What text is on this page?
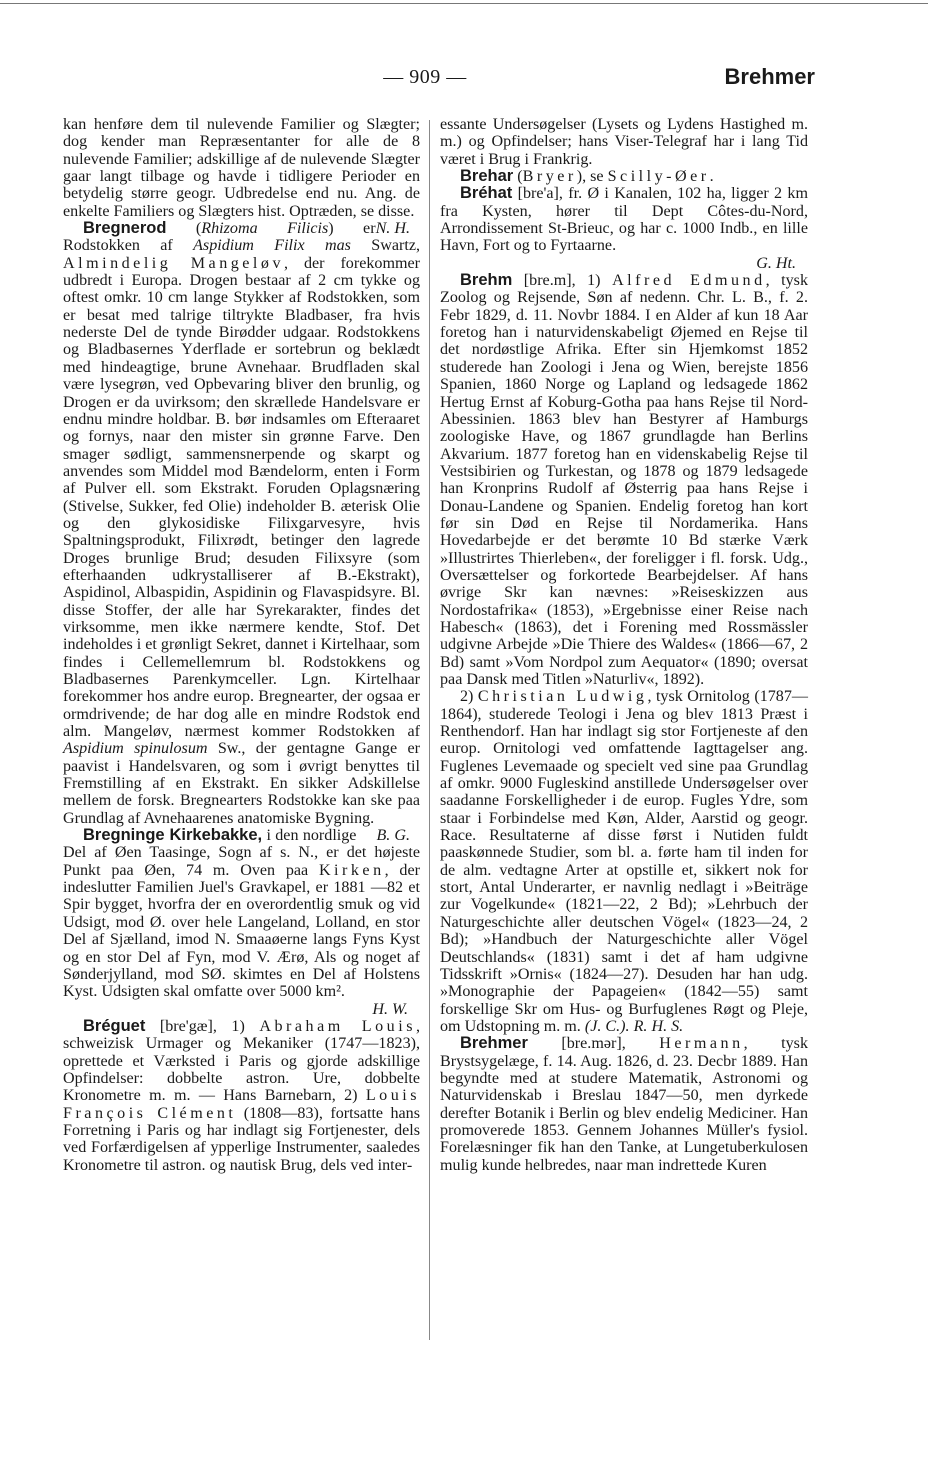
— 909 —	Brehmer

kan henføre dem til nulevende Familier og Slægter; dog kender man Repræsentanter for alle de 8 nulevende Familier; adskillige af de nulevende Slægter gaar langt tilbage og havde i tidligere Perioder en betydelig større geogr. Udbredelse end nu. Ang. de enkelte Familiers og Slægters hist. Optræden, se disse.
N. H.

Bregnerod (Rhizoma Filicis) er Rodstokken af Aspidium Filix mas Swartz, Almindelig Mangeløv, der forekommer udbredt i Europa. Drogen bestaar af 2 cm tykke og oftest omkr. 10 cm lange Stykker af Rodstokken, som er besat med talrige tiltrykte Bladbaser, fra hvis nederste Del de tynde Birødder udgaar. Rodstokkens og Bladbasernes Yderflade er sortebrun og beklædt med hindeagtige, brune Avnehaar. Brudfladen skal være lysegrøn, ved Opbevaring bliver den brunlig, og Drogen er da uvirksom; den skrællede Handelsvare er endnu mindre holdbar. B. bør indsamles om Efteraaret og fornys, naar den mister sin grønne Farve. Den smager sødligt, sammensnerpende og skarpt og anvendes som Middel mod Bændelorm, enten i Form af Pulver ell. som Ekstrakt. Foruden Oplagsnæring (Stivelse, Sukker, fed Olie) indeholder B. æterisk Olie og den glykosidiske Filixgarvesyre, hvis Spaltningsprodukt, Filixrødt, betinger den lagrede Droges brunlige Brud; desuden Filixsyre (som efterhaanden udkrystalliserer af B.-Ekstrakt), Aspidinol, Albaspidin, Aspidinin og Flavaspidsyre. Bl. disse Stoffer, der alle har Syrekarakter, findes det virksomme, men ikke nærmere kendte, Stof. Det indeholdes i et grønligt Sekret, dannet i Kirtelhaar, som findes i Cellemellemrum bl. Rodstokkens og Bladbasernes Parenkymceller. Lgn. Kirtelhaar forekommer hos andre europ. Bregnearter, der ogsaa er ormdrivende; de har dog alle en mindre Rodstok end alm. Mangeløv, nærmest kommer Rodstokken af Aspidium spinulosum Sw., der gentagne Gange er paavist i Handelsvaren, og som i øvrigt benyttes til Fremstilling af en Ekstrakt. En sikker Adskillelse mellem de forsk. Bregnearters Rodstokke kan ske paa Grundlag af Avnehaarenes anatomiske Bygning.
B. G.

Bregninge Kirkebakke, i den nordlige Del af Øen Taasinge, Sogn af s. N., er det højeste Punkt paa Øen, 74 m. Oven paa Kirken, der indeslutter Familien Juel's Gravkapel, er 1881 —82 et Spir bygget, hvorfra der en overordentlig smuk og vid Udsigt, mod Ø. over hele Langeland, Lolland, en stor Del af Sjælland, imod N. Smaaøerne langs Fyns Kyst og en stor Del af Fyn, mod V. Ærø, Als og noget af Sønderjylland, mod SØ. skimtes en Del af Holstens Kyst. Udsigten skal omfatte over 5000 km².

H. W.

Bréguet [bre'gæ], 1) Abraham Louis, schweizisk Urmager og Mekaniker (1747—1823), oprettede et Værksted i Paris og gjorde adskillige Opfindelser: dobbelte astron. Ure, dobbelte Kronometre m. m. — Hans Barnebarn, 2) Louis François Clément (1808—83), fortsatte hans Forretning i Paris og har indlagt sig Fortjenester, dels ved Forfærdigelsen af ypperlige Instrumenter, saaledes Kronometre til astron. og nautisk Brug, dels ved inter-

essante Undersøgelser (Lysets og Lydens Hastighed m. m.) og Opfindelser; hans Viser-Telegraf har i lang Tid været i Brug i Frankrig.

Brehar (Bryer), se Scilly-Øer.

Bréhat [bre'a], fr. Ø i Kanalen, 102 ha, ligger 2 km fra Kysten, hører til Dept Côtes-du-Nord, Arrondissement St-Brieuc, og har c. 1000 Indb., en lille Havn, Fort og to Fyrtaarne.

G. Ht.

Brehm [bre.m], 1) Alfred Edmund, tysk Zoolog og Rejsende, Søn af nedenn. Chr. L. B., f. 2. Febr 1829, d. 11. Novbr 1884. I en Alder af kun 18 Aar foretog han i naturvidenskabeligt Øjemed en Rejse til det nordøstlige Afrika. Efter sin Hjemkomst 1852 studerede han Zoologi i Jena og Wien, berejste 1856 Spanien, 1860 Norge og Lapland og ledsagede 1862 Hertug Ernst af Koburg-Gotha paa hans Rejse til Nord-Abessinien. 1863 blev han Bestyrer af Hamburgs zoologiske Have, og 1867 grundlagde han Berlins Akvarium. 1877 foretog han en videnskabelig Rejse til Vestsibirien og Turkestan, og 1878 og 1879 ledsagede han Kronprins Rudolf af Østerrig paa hans Rejse i Donau-Landene og Spanien. Endelig foretog han kort før sin Død en Rejse til Nordamerika. Hans Hovedarbejde er det berømte 10 Bd stærke Værk »Illustrirtes Thierleben«, der foreligger i fl. forsk. Udg., Oversættelser og forkortede Bearbejdelser. Af hans øvrige Skr kan nævnes: »Reiseskizzen aus Nordostafrika« (1853), »Ergebnisse einer Reise nach Habesch« (1863), det i Forening med Rossmässler udgivne Arbejde »Die Thiere des Waldes« (1866—67, 2 Bd) samt »Vom Nordpol zum Aequator« (1890; oversat paa Dansk med Titlen »Naturliv«, 1892).

2) Christian Ludwig, tysk Ornitolog (1787—1864), studerede Teologi i Jena og blev 1813 Præst i Renthendorf. Han har indlagt sig stor Fortjeneste af den europ. Ornitologi ved omfattende Iagttagelser ang. Fuglenes Levemaade og specielt ved sine paa Grundlag af omkr. 9000 Fugleskind anstillede Undersøgelser over saadanne Forskelligheder i de europ. Fugles Ydre, som staar i Forbindelse med Køn, Alder, Aarstid og geogr. Race. Resultaterne af disse først i Nutiden fuldt paaskønnede Studier, som bl. a. førte ham til inden for de alm. vedtagne Arter at opstille et, sikkert nok for stort, Antal Underarter, er navnlig nedlagt i »Beiträge zur Vogelkunde« (1821—22, 2 Bd); »Lehrbuch der Naturgeschichte aller deutschen Vögel« (1823—24, 2 Bd); »Handbuch der Naturgeschichte aller Vögel Deutschlands« (1831) samt i det af ham udgivne Tidsskrift »Ornis« (1824—27). Desuden har han udg. »Monographie der Papageien« (1842—55) samt forskellige Skr om Hus- og Burfuglenes Røgt og Pleje, om Udstopning m. m. (J. C.). R. H. S.

Brehmer [bre.mər], Hermann, tysk Brystsygelæge, f. 14. Aug. 1826, d. 23. Decbr 1889. Han begyndte med at studere Matematik, Astronomi og Naturvidenskab i Breslau 1847—50, men dyrkede derefter Botanik i Berlin og blev endelig Mediciner. Han promoverede 1853. Gennem Johannes Müller's fysiol. Forelæsninger fik han den Tanke, at Lungetuberkulosen mulig kunde helbredes, naar man indrettede Kuren
